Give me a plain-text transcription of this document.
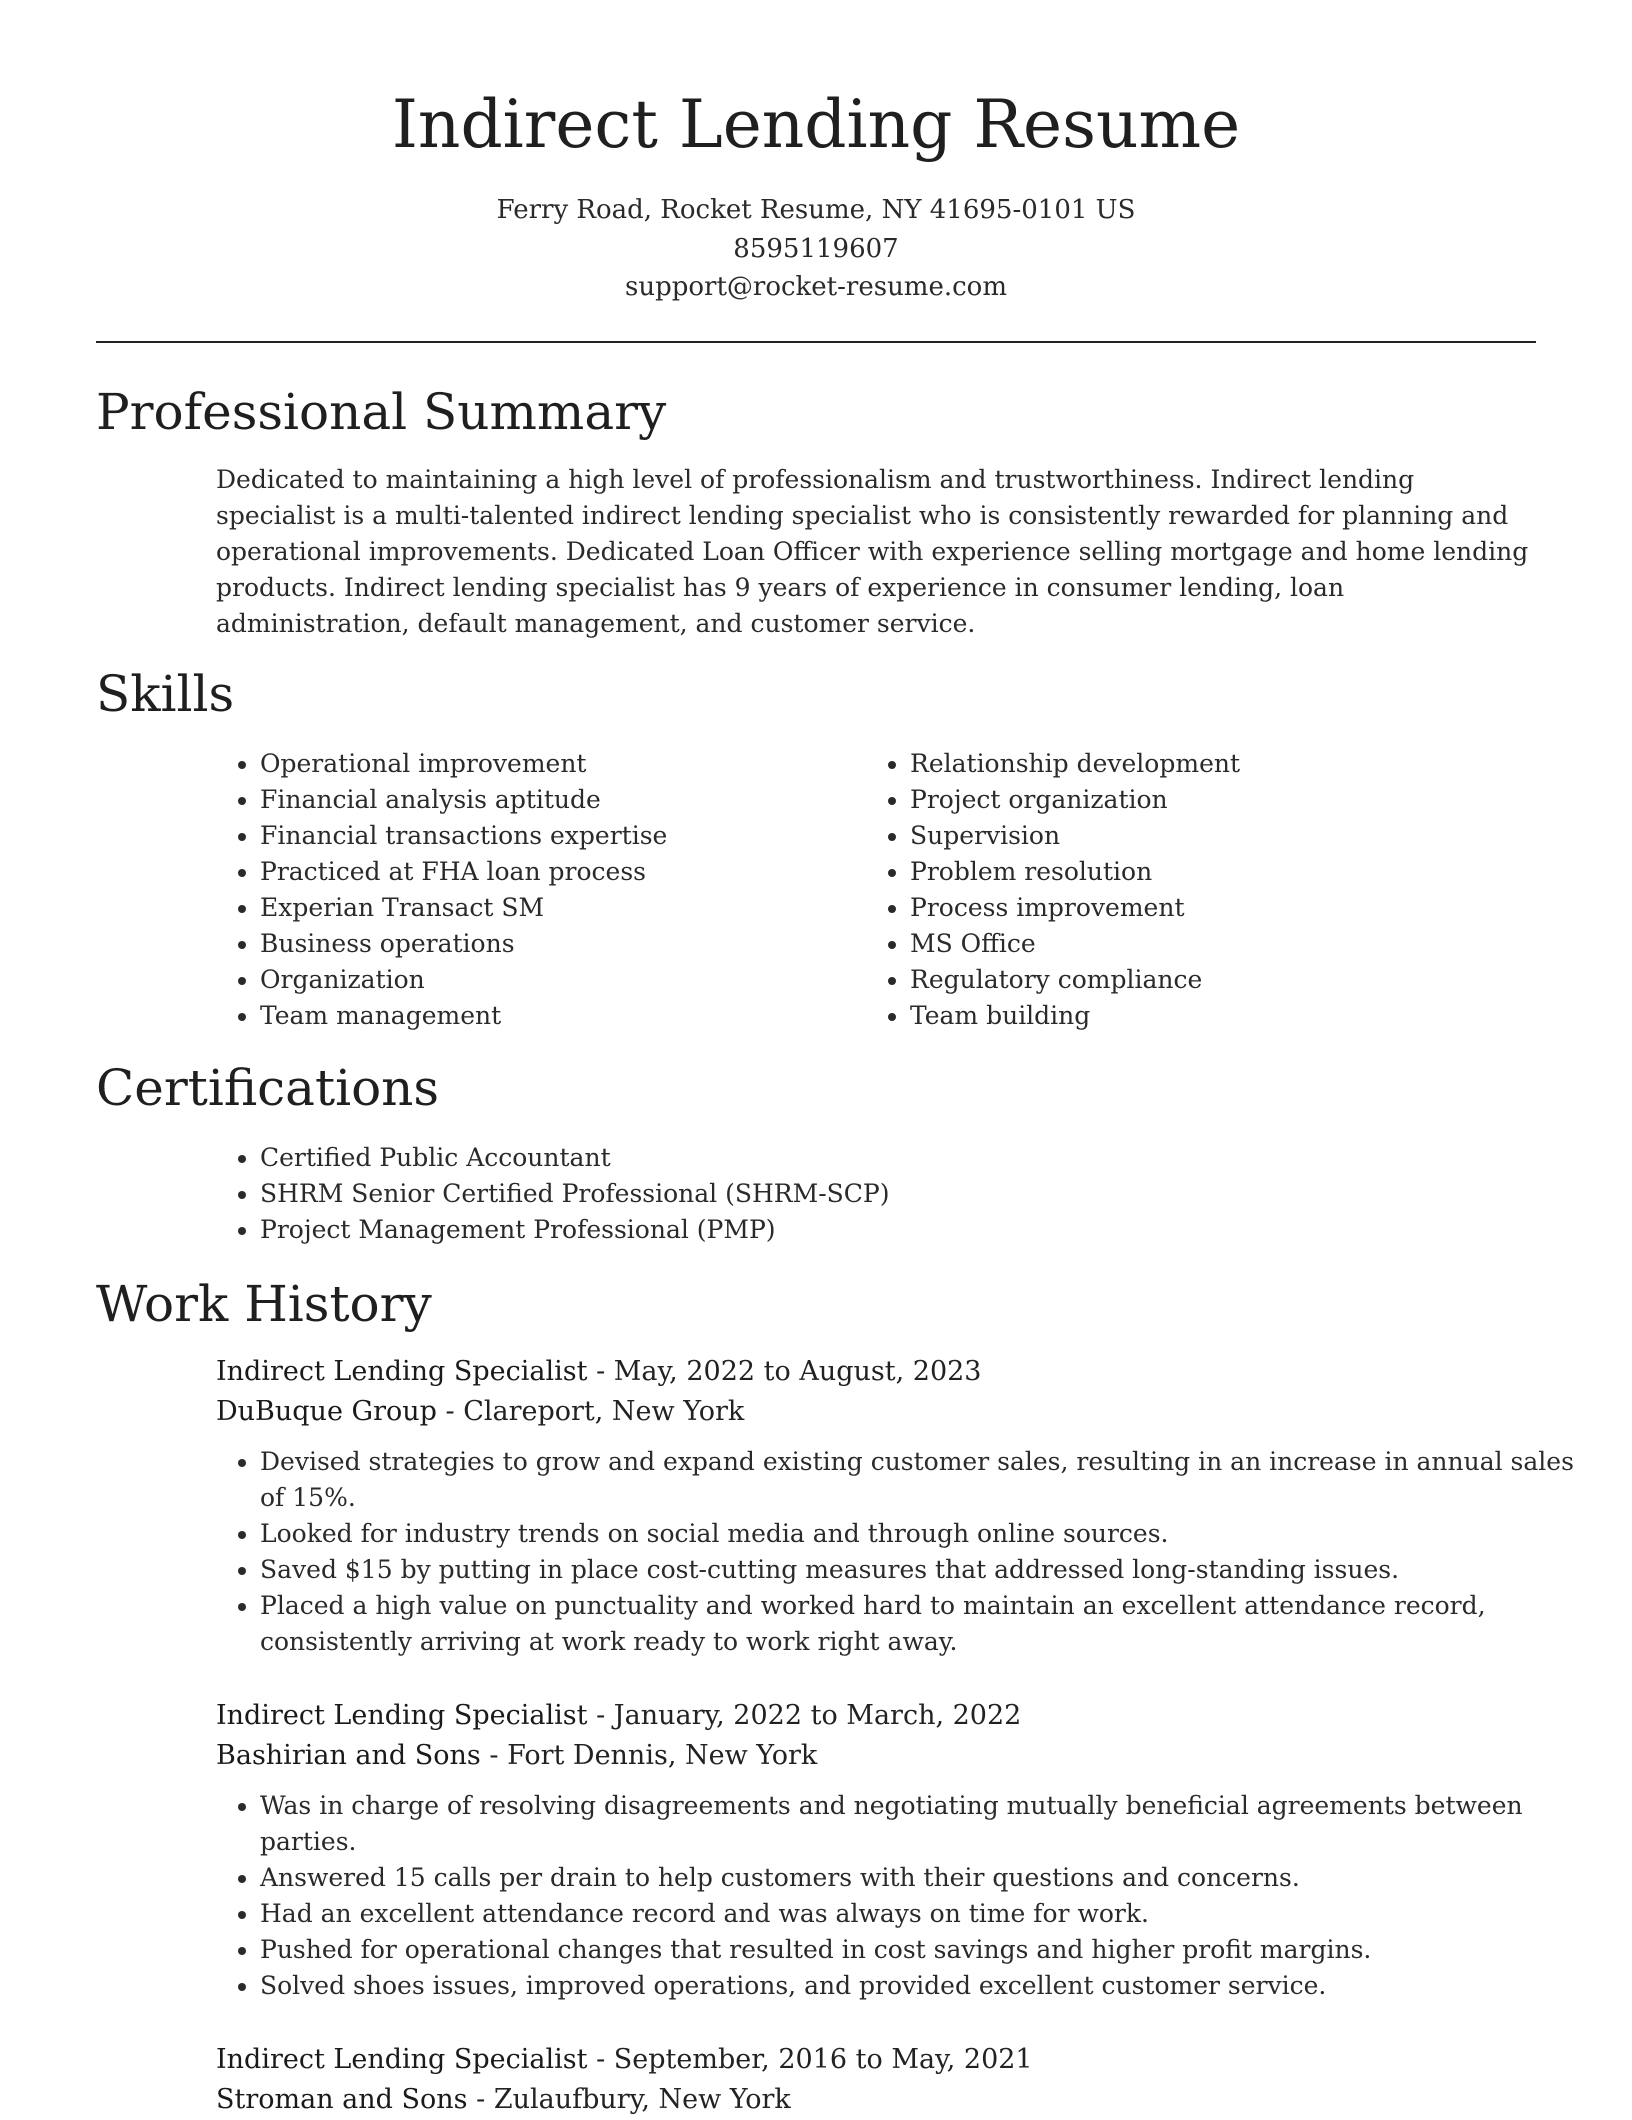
Indirect Lending Resume
Ferry Road, Rocket Resume, NY 41695-0101 US
8595119607
support@rocket-resume.com
Professional Summary

Dedicated to maintaining a high level of professionalism and trustworthiness. Indirect lending specialist is a multi-talented indirect lending specialist who is consistently rewarded for planning and operational improvements. Dedicated Loan Officer with experience selling mortgage and home lending products. Indirect lending specialist has 9 years of experience in consumer lending, loan administration, default management, and customer service.

Skills
• Operational improvement
• Financial analysis aptitude
• Financial transactions expertise
• Practiced at FHA loan process
• Experian Transact SM
• Business operations
• Organization
• Team management
• Relationship development
• Project organization
• Supervision
• Problem resolution
• Process improvement
• MS Office
• Regulatory compliance
• Team building
Certifications
• Certified Public Accountant
• SHRM Senior Certified Professional (SHRM-SCP)
• Project Management Professional (PMP)
Work History
Indirect Lending Specialist - May, 2022 to August, 2023
DuBuque Group - Clareport, New York
• Devised strategies to grow and expand existing customer sales, resulting in an increase in annual sales of 15%.
• Looked for industry trends on social media and through online sources.
• Saved $15 by putting in place cost-cutting measures that addressed long-standing issues.
• Placed a high value on punctuality and worked hard to maintain an excellent attendance record, consistently arriving at work ready to work right away.
Indirect Lending Specialist - January, 2022 to March, 2022
Bashirian and Sons - Fort Dennis, New York
• Was in charge of resolving disagreements and negotiating mutually beneficial agreements between parties.
• Answered 15 calls per drain to help customers with their questions and concerns.
• Had an excellent attendance record and was always on time for work.
• Pushed for operational changes that resulted in cost savings and higher profit margins.
• Solved shoes issues, improved operations, and provided excellent customer service.
Indirect Lending Specialist - September, 2016 to May, 2021
Stroman and Sons - Zulaufbury, New York
